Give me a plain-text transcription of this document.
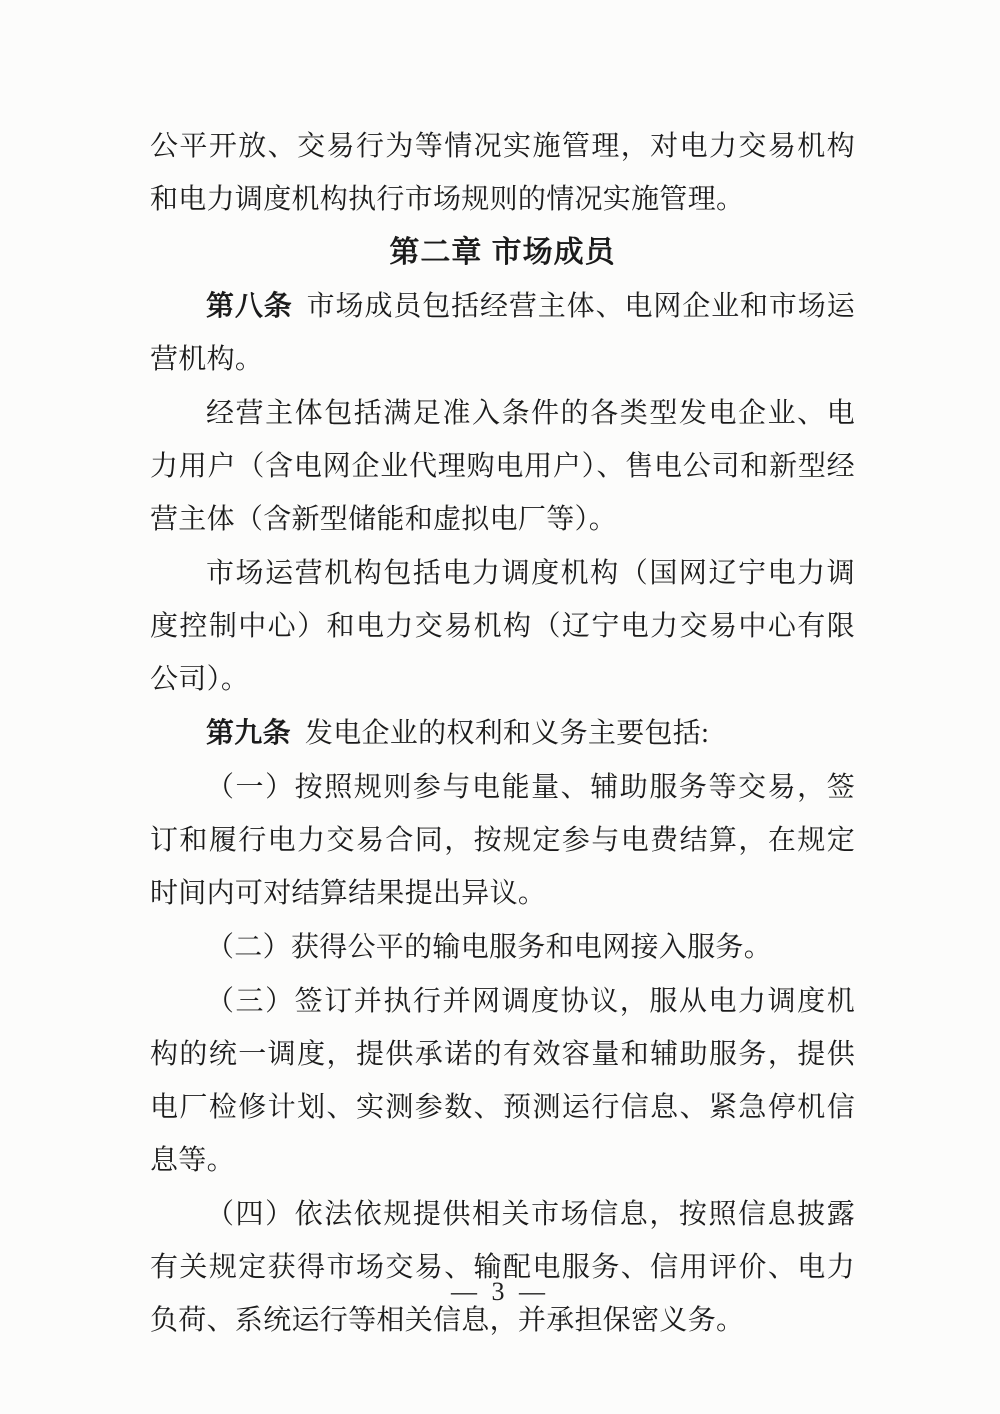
公平开放、交易行为等情况实施管理，对电力交易机构和电力调度机构执行市场规则的情况实施管理。

第二章 市场成员

第八条 市场成员包括经营主体、电网企业和市场运营机构。

经营主体包括满足准入条件的各类型发电企业、电力用户（含电网企业代理购电用户）、售电公司和新型经营主体（含新型储能和虚拟电厂等）。

市场运营机构包括电力调度机构（国网辽宁电力调度控制中心）和电力交易机构（辽宁电力交易中心有限公司）。

第九条 发电企业的权利和义务主要包括:

（一）按照规则参与电能量、辅助服务等交易，签订和履行电力交易合同，按规定参与电费结算，在规定时间内可对结算结果提出异议。

（二）获得公平的输电服务和电网接入服务。

（三）签订并执行并网调度协议，服从电力调度机构的统一调度，提供承诺的有效容量和辅助服务，提供电厂检修计划、实测参数、预测运行信息、紧急停机信息等。

（四）依法依规提供相关市场信息，按照信息披露有关规定获得市场交易、输配电服务、信用评价、电力负荷、系统运行等相关信息，并承担保密义务。

— 3 —
